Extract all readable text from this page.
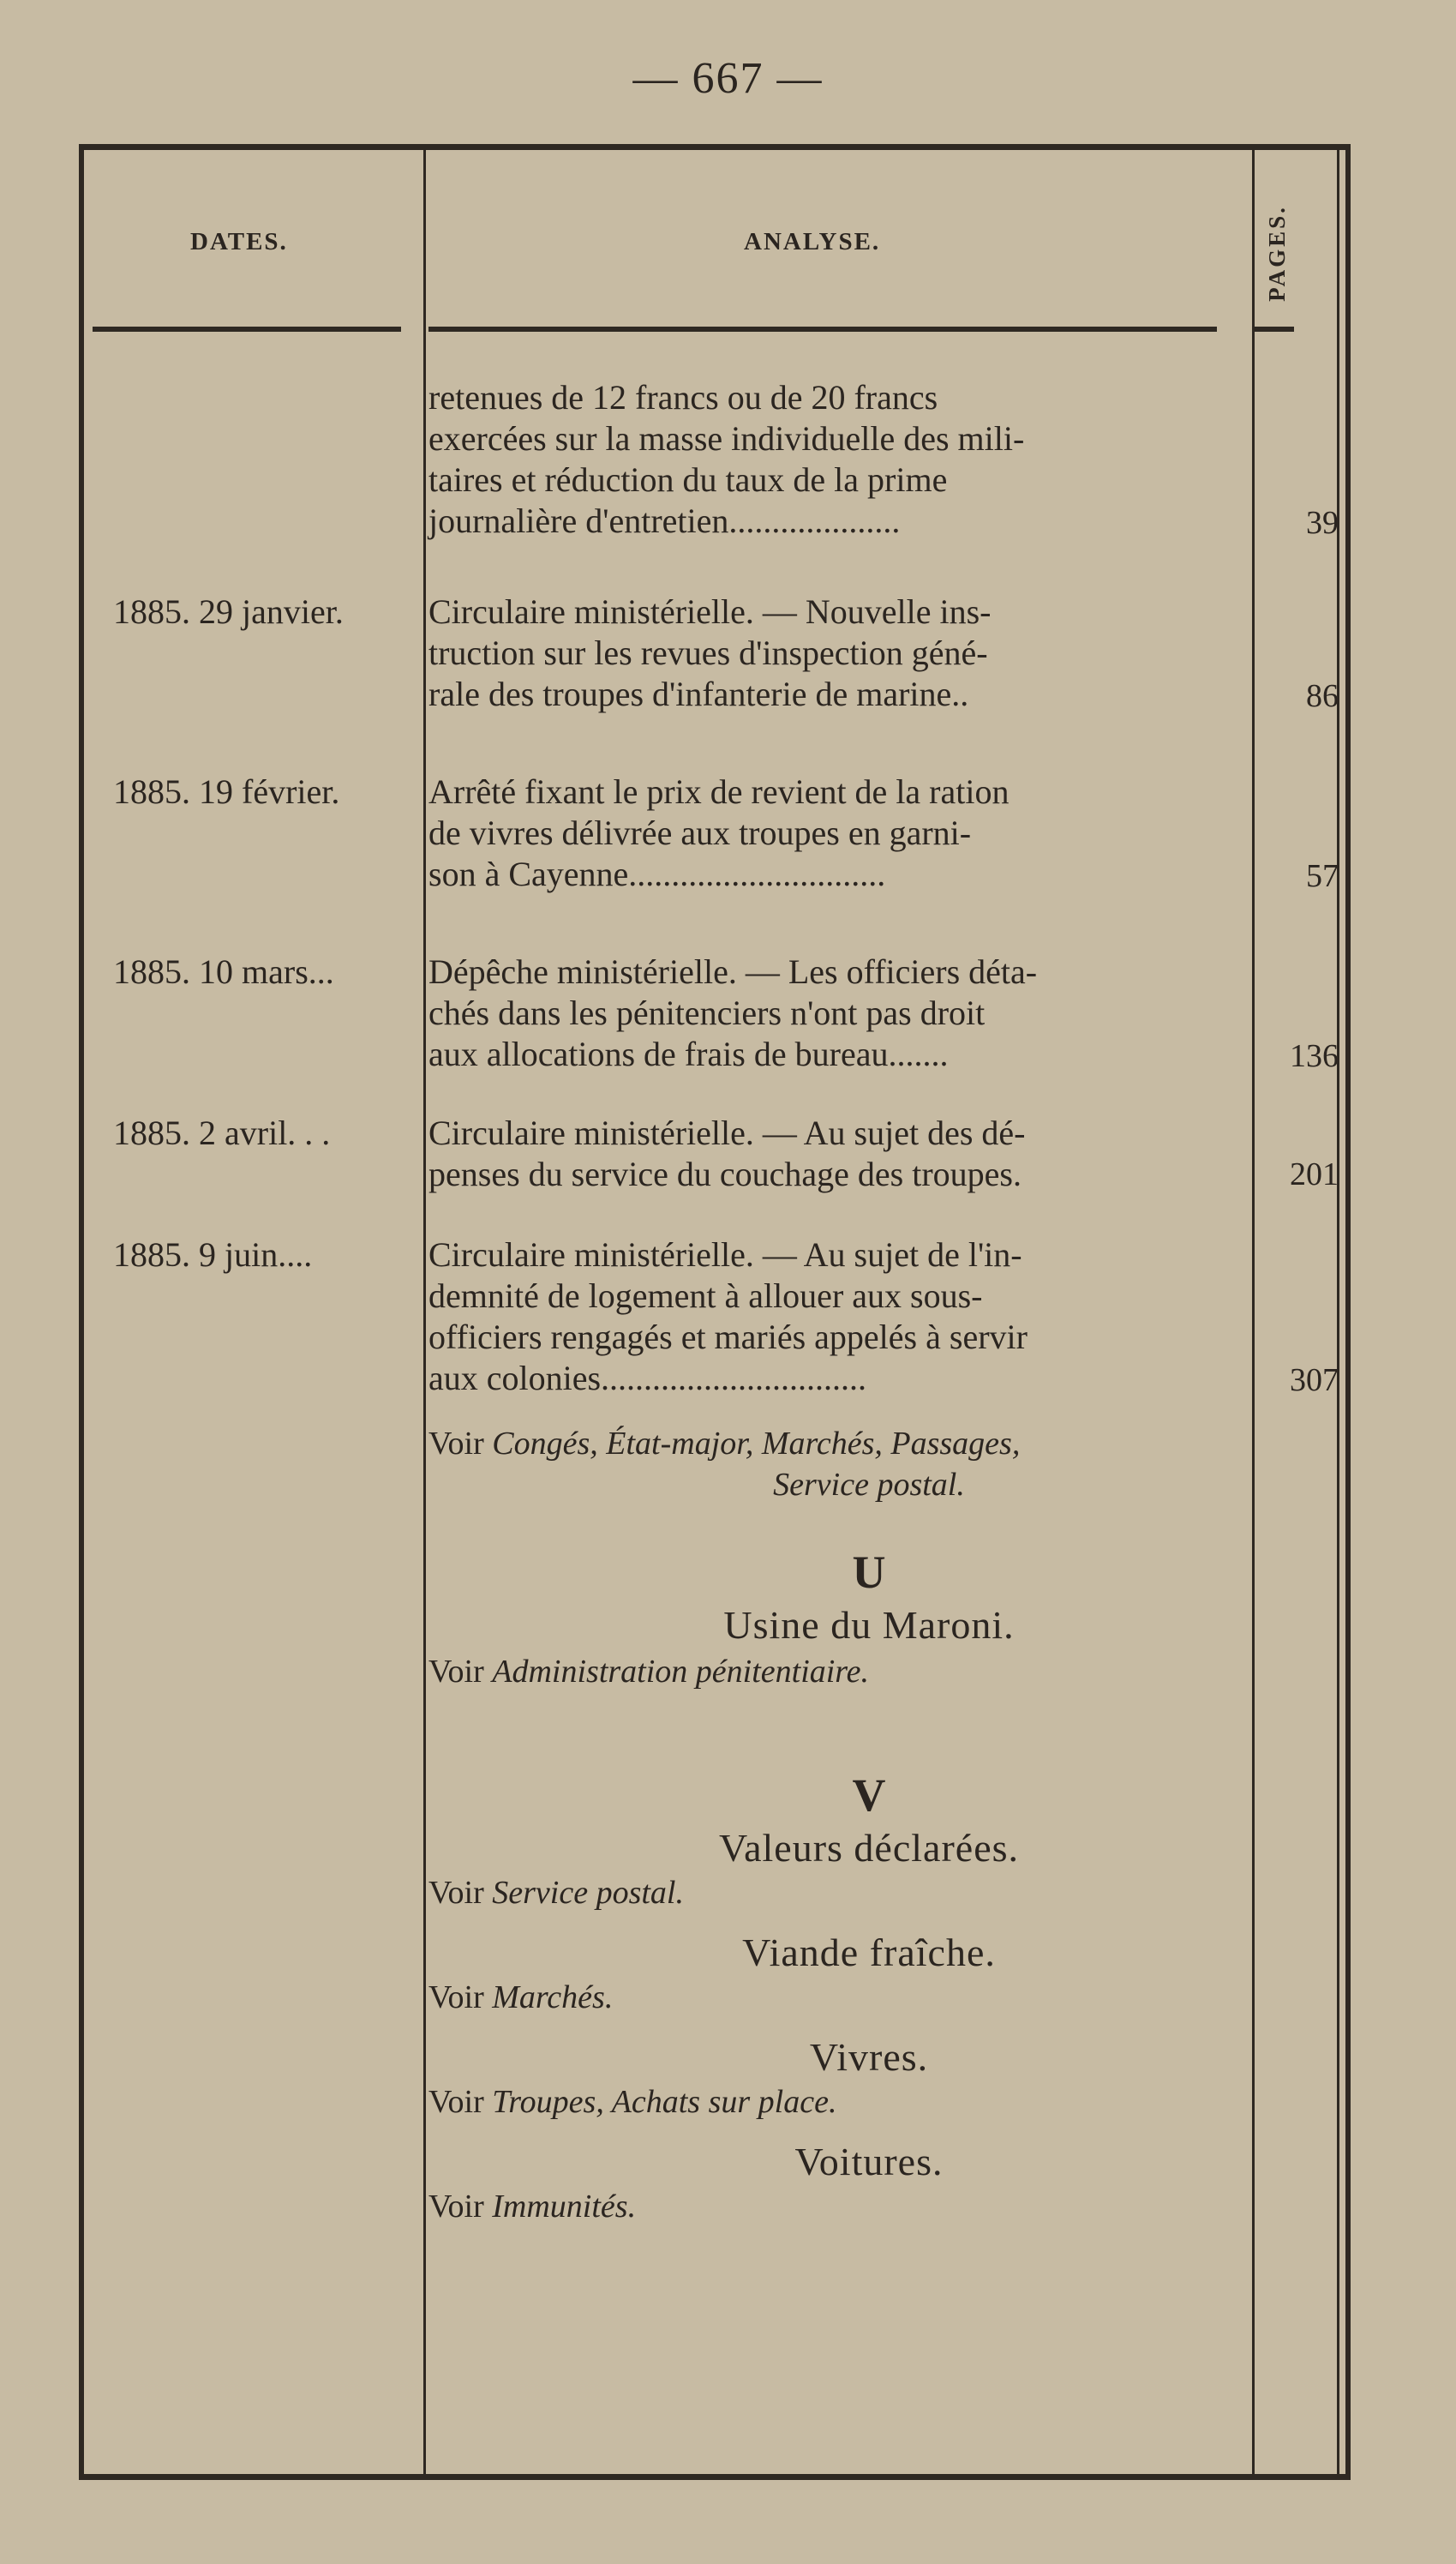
— 667 —
DATES.	ANALYSE.	PAGES.

retenues de 12 francs ou de 20 francs
exercées sur la masse individuelle des mili-
taires et réduction du taux de la prime
journalière d'entretien....................	39
1885. 29 janvier.	Circulaire ministérielle. — Nouvelle ins-
truction sur les revues d'inspection géné-
rale des troupes d'infanterie de marine..	86
1885. 19 février.	Arrêté fixant le prix de revient de la ration
de vivres délivrée aux troupes en garni-
son à Cayenne..............................	57
1885. 10 mars...	Dépêche ministérielle. — Les officiers déta-
chés dans les pénitenciers n'ont pas droit
aux allocations de frais de bureau.......	136
1885. 2 avril. . .	Circulaire ministérielle. — Au sujet des dé-
penses du service du couchage des troupes.	201
1885. 9 juin....	Circulaire ministérielle. — Au sujet de l'in-
demnité de logement à allouer aux sous-
officiers rengagés et mariés appelés à servir
aux colonies...............................	307
Voir Congés, État-major, Marchés, Passages,
Service postal.
U
Usine du Maroni.
Voir Administration pénitentiaire.
V
Valeurs déclarées.
Voir Service postal.
Viande fraîche.
Voir Marchés.
Vivres.
Voir Troupes, Achats sur place.
Voitures.
Voir Immunités.
